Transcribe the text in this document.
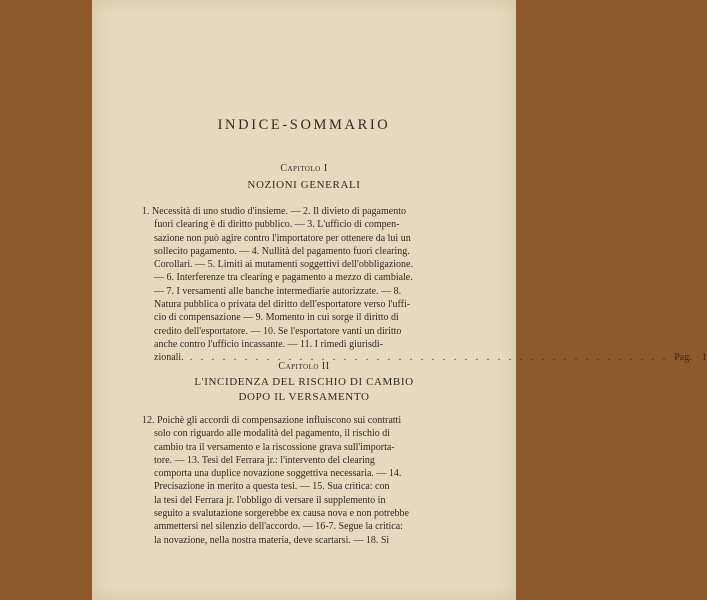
INDICE-SOMMARIO
Capitolo I
NOZIONI GENERALI
1. Necessità di uno studio d'insieme. — 2. Il divieto di pagamento
fuori clearing è di diritto pubblico. — 3. L'ufficio di compen-
sazione non può agire contro l'importatore per ottenere da lui un
sollecito pagamento. — 4. Nullità del pagamento fuori clearing.
Corollari. — 5. Limiti ai mutamenti soggettivi dell'obbligazione.
— 6. Interferenze tra clearing e pagamento a mezzo di cambiale.
— 7. I versamenti alle banche intermediarie autorizzate. — 8.
Natura pubblica o privata del diritto dell'esportatore verso l'uffi-
cio di compensazione — 9. Momento in cui sorge il diritto di
credito dell'esportatore. — 10. Se l'esportatore vanti un diritto
anche contro l'ufficio incassante. — 11. I rimedi giurisdi-
zionali. . . . . . . . . . . . . . . . . . . . . . . . . . . . . . . . . . . . . . . . . . . . . Pag. 1
Capitolo II
L'INCIDENZA DEL RISCHIO DI CAMBIO
DOPO IL VERSAMENTO
12. Poichè gli accordi di compensazione influiscono sui contratti
solo con riguardo alle modalità del pagamento, il rischio di
cambio tra il versamento e la riscossione grava sull'importa-
tore. — 13. Tesi del Ferrara jr.: l'intervento del clearing
comporta una duplice novazione soggettiva necessaria. — 14.
Precisazione in merito a questa tesi. — 15. Sua critica: con
la tesi del Ferrara jr. l'obbligo di versare il supplemento in
seguito a svalutazione sorgerebbe ex causa nova e non potrebbe
ammettersi nel silenzio dell'accordo. — 16-7. Segue la critica:
la novazione, nella nostra materia, deve scartarsi. — 18. Si
